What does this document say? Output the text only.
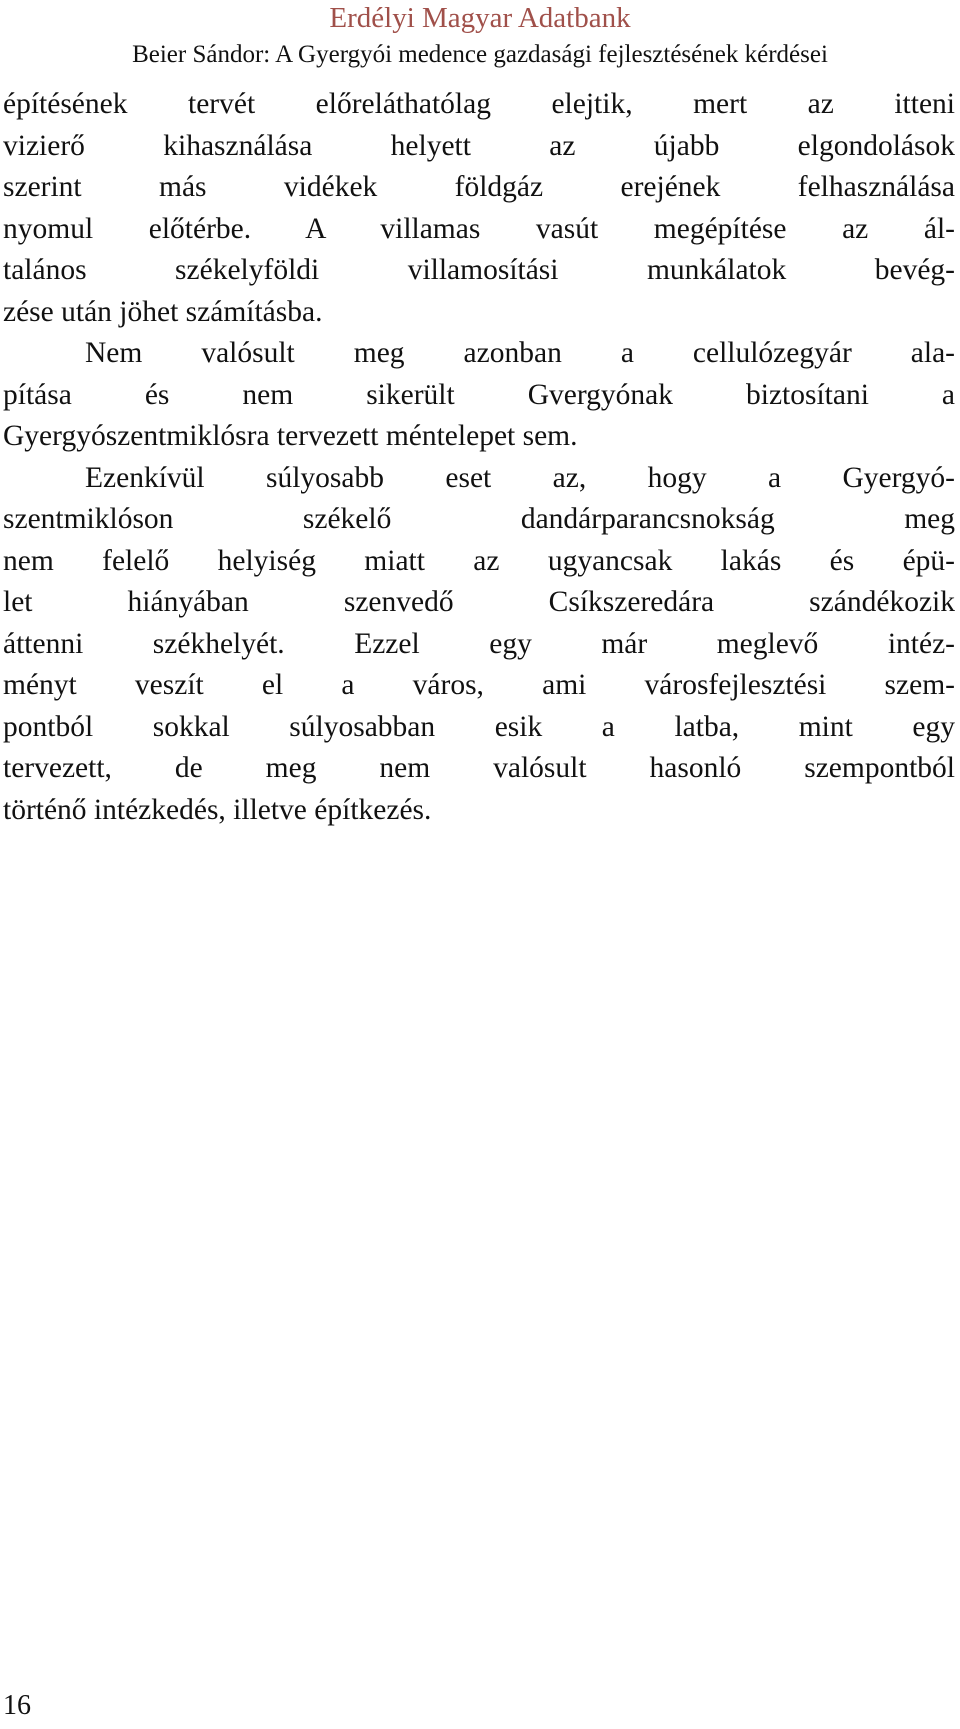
Erdélyi Magyar Adatbank
Beier Sándor: A Gyergyói medence gazdasági fejlesztésének kérdései
építésének tervét előreláthatólag elejtik, mert az itteni
vizierő kihasználása helyett az újabb elgondolások
szerint más vidékek földgáz erejének felhasználása
nyomul előtérbe. A villamas vasút megépítése az ál-
talános székelyföldi villamosítási munkálatok bevég-
zése után jöhet számításba.
Nem valósult meg azonban a cellulózegyár ala-
pítása és nem sikerült Gvergyónak biztosítani a
Gyergyószentmiklósra tervezett méntelepet sem.
Ezenkívül súlyosabb eset az, hogy a Gyergyó-
szentmiklóson székelő dandárparancsnokság meg
nem felelő helyiség miatt az ugyancsak lakás és épü-
let hiányában szenvedő Csíkszeredára szándékozik
áttenni székhelyét. Ezzel egy már meglevő intéz-
ményt veszít el a város, ami városfejlesztési szem-
pontból sokkal súlyosabban esik a latba, mint egy
tervezett, de meg nem valósult hasonló szempontból
történő intézkedés, illetve építkezés.
16
